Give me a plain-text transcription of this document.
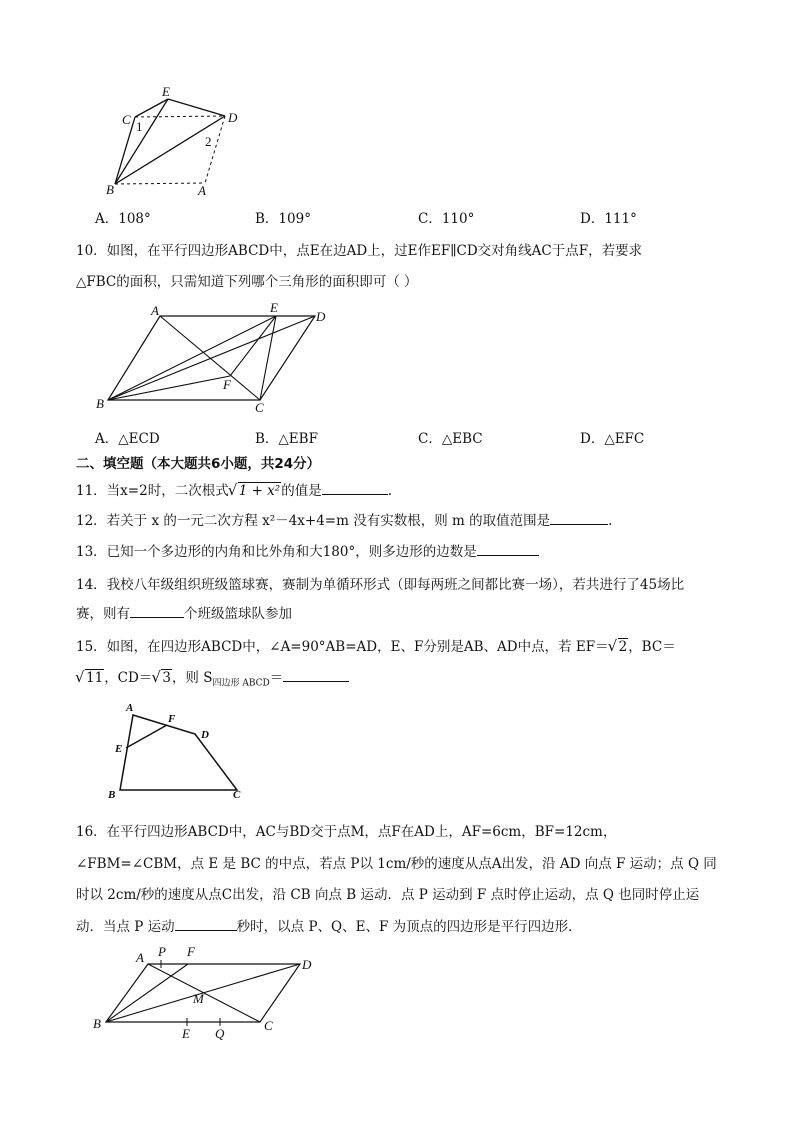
E
C 1
D
2
B	A
A．108°	B．109°	C．110°	D．111°
10．如图，在平行四边形ABCD中，点E在边AD上，过E作EF∥CD交对角线AC于点F，若要求
△FBC的面积，只需知道下列哪个三角形的面积即可（ ）
A	E
D
F
B	C
A．△ECD	B．△EBF	C．△EBC	D．△EFC
二、填空题（本大题共6小题，共24分）
11．当x=2时，二次根式 √ 1 + x²的值是	.
12．若关于 x 的一元二次方程 x²－4x+4=m 没有实数根，则 m 的取值范围是	.
13．已知一个多边形的内角和比外角和大180°，则多边形的边数是
14．我校八年级组织班级篮球赛，赛制为单循环形式（即每两班之间都比赛一场），若共进行了45场比
赛，则有	个班级篮球队参加
15．如图，在四边形ABCD中，∠A=90°AB=AD，E、F分别是AB、AD中点，若 EF＝ √ 2，BC＝
√ 11，CD＝ √ 3，则 $S_{四边形 ABCD}=$
A
F
D
E
B	C
16．在平行四边形ABCD中，AC与BD交于点M，点F在AD上，AF=6cm，BF=12cm，
∠FBM=∠CBM，点 E 是 BC 的中点，若点 P以 1cm/秒的速度从点A出发，沿 AD 向点 F 运动；点 Q 同
时以 2cm/秒的速度从点C出发，沿 CB 向点 B 运动．点 P 运动到 F 点时停止运动，点 Q 也同时停止运
动．当点 P 运动	秒时，以点 P、Q、E、F 为顶点的四边形是平行四边形．
A P F
D
M
B
E Q
C
